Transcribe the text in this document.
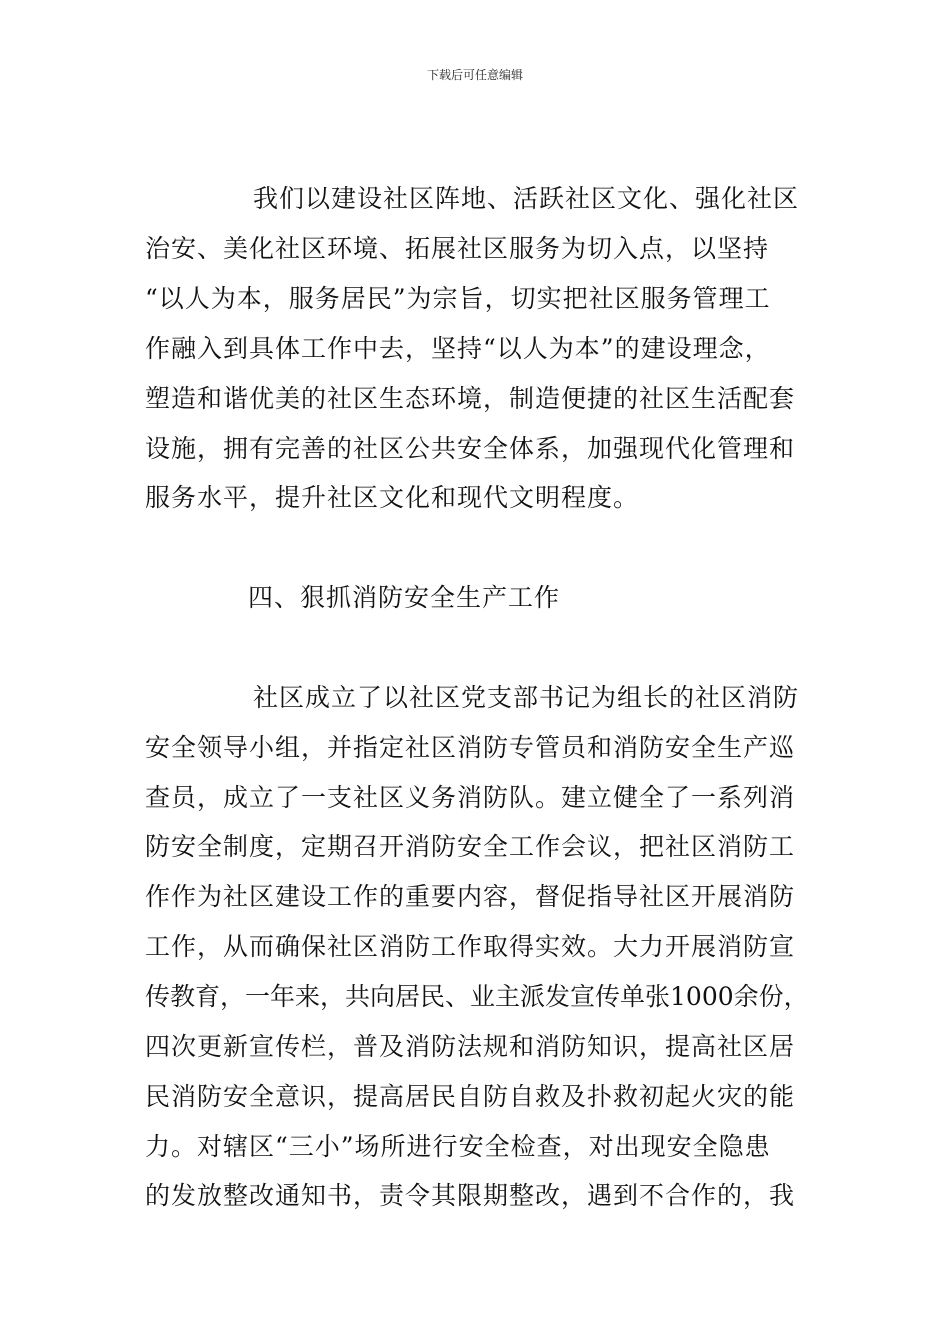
下载后可任意编辑

我们以建设社区阵地、活跃社区文化、强化社区

治安、美化社区环境、拓展社区服务为切入点，以坚持

“以人为本，服务居民”为宗旨，切实把社区服务管理工

作融入到具体工作中去，坚持“以人为本”的建设理念，

塑造和谐优美的社区生态环境，制造便捷的社区生活配套

设施，拥有完善的社区公共安全体系，加强现代化管理和

服务水平，提升社区文化和现代文明程度。

四、狠抓消防安全生产工作

社区成立了以社区党支部书记为组长的社区消防

安全领导小组，并指定社区消防专管员和消防安全生产巡

查员，成立了一支社区义务消防队。建立健全了一系列消

防安全制度，定期召开消防安全工作会议，把社区消防工

作作为社区建设工作的重要内容，督促指导社区开展消防

工作，从而确保社区消防工作取得实效。大力开展消防宣

传教育，一年来，共向居民、业主派发宣传单张1000余份，

四次更新宣传栏，普及消防法规和消防知识，提高社区居

民消防安全意识，提高居民自防自救及扑救初起火灾的能

力。对辖区“三小”场所进行安全检查，对出现安全隐患

的发放整改通知书，责令其限期整改，遇到不合作的，我
